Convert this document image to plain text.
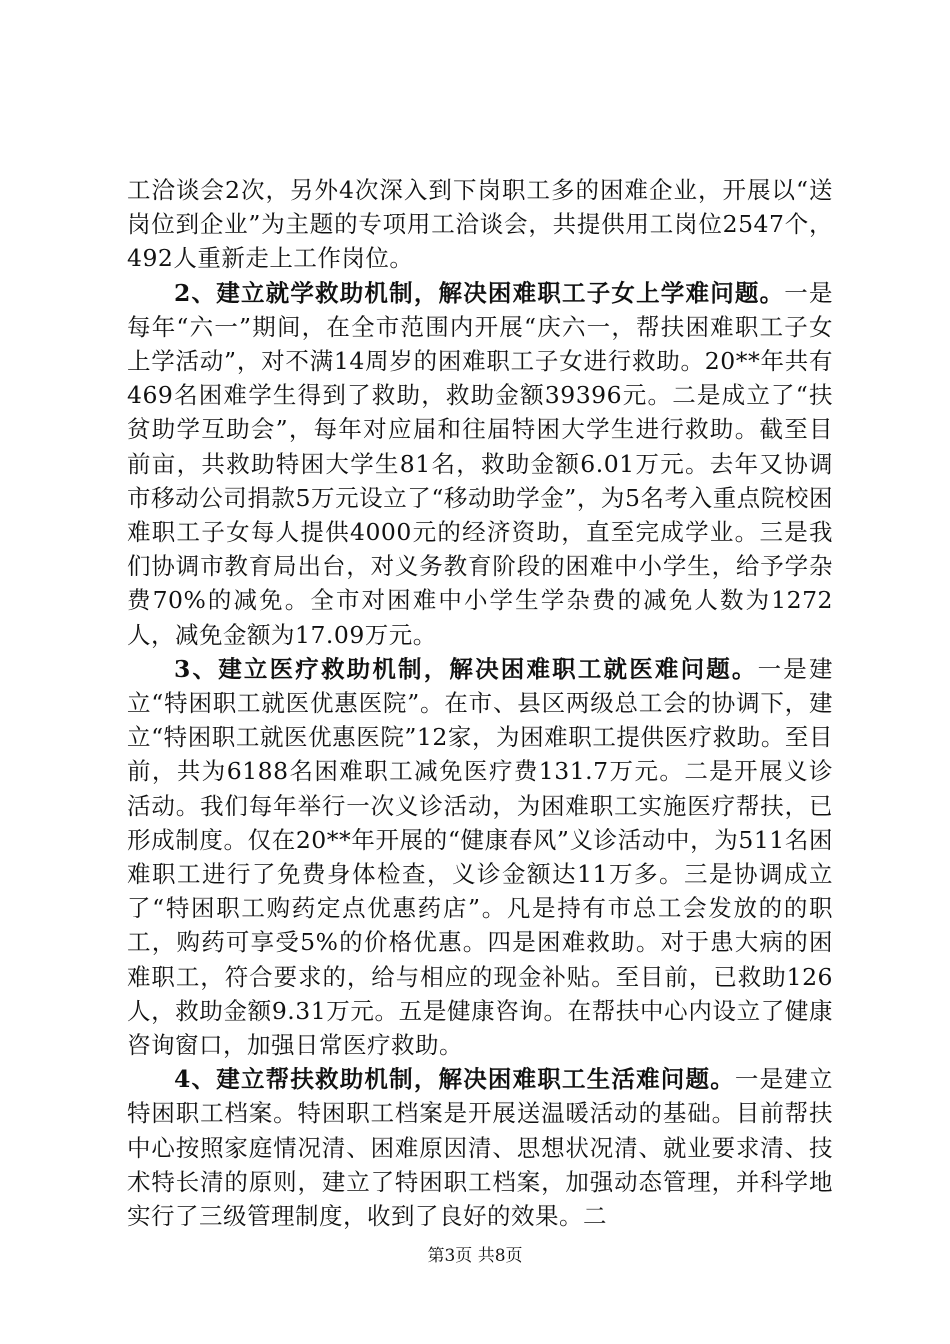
工洽谈会2次，另外4次深入到下岗职工多的困难企业，开展以“送岗位到企业”为主题的专项用工洽谈会，共提供用工岗位2547个，492人重新走上工作岗位。

2、建立就学救助机制，解决困难职工子女上学难问题。一是每年“六一”期间，在全市范围内开展“庆六一，帮扶困难职工子女上学活动”，对不满14周岁的困难职工子女进行救助。20**年共有469名困难学生得到了救助，救助金额39396元。二是成立了“扶贫助学互助会”，每年对应届和往届特困大学生进行救助。截至目前亩，共救助特困大学生81名，救助金额6.01万元。去年又协调市移动公司捐款5万元设立了“移动助学金”，为5名考入重点院校困难职工子女每人提供4000元的经济资助，直至完成学业。三是我们协调市教育局出台，对义务教育阶段的困难中小学生，给予学杂费70%的减免。全市对困难中小学生学杂费的减免人数为1272人，减免金额为17.09万元。

3、建立医疗救助机制，解决困难职工就医难问题。一是建立“特困职工就医优惠医院”。在市、县区两级总工会的协调下，建立“特困职工就医优惠医院”12家，为困难职工提供医疗救助。至目前，共为6188名困难职工减免医疗费131.7万元。二是开展义诊活动。我们每年举行一次义诊活动，为困难职工实施医疗帮扶，已形成制度。仅在20**年开展的“健康春风”义诊活动中，为511名困难职工进行了免费身体检查，义诊金额达11万多。三是协调成立了“特困职工购药定点优惠药店”。凡是持有市总工会发放的的职工，购药可享受5%的价格优惠。四是困难救助。对于患大病的困难职工，符合要求的，给与相应的现金补贴。至目前，已救助126人，救助金额9.31万元。五是健康咨询。在帮扶中心内设立了健康咨询窗口，加强日常医疗救助。

4、建立帮扶救助机制，解决困难职工生活难问题。一是建立特困职工档案。特困职工档案是开展送温暖活动的基础。目前帮扶中心按照家庭情况清、困难原因清、思想状况清、就业要求清、技术特长清的原则，建立了特困职工档案，加强动态管理，并科学地实行了三级管理制度，收到了良好的效果。二

第3页 共8页
